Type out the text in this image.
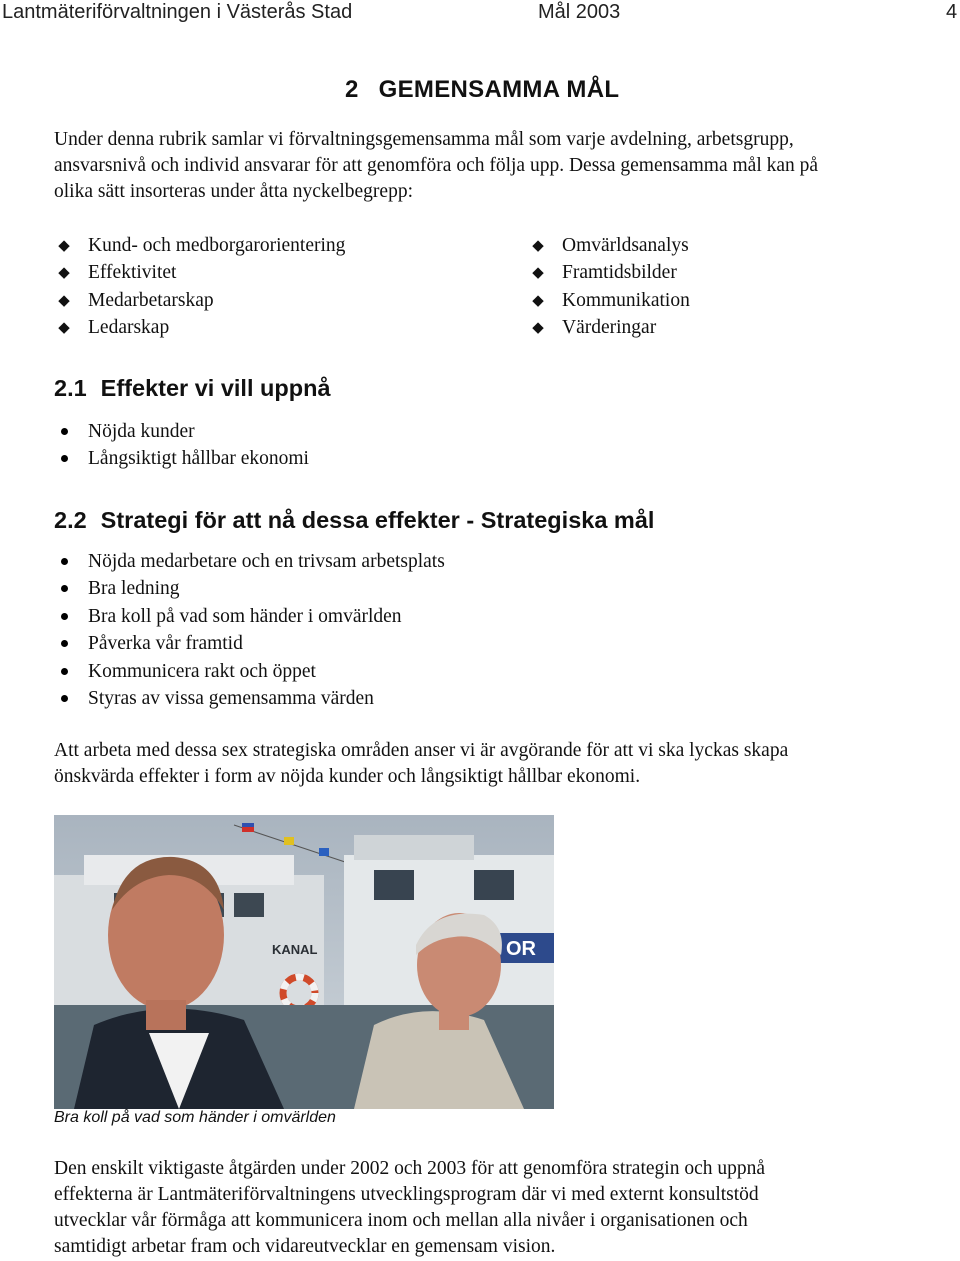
Lantmäteriförvaltningen i Västerås Stad	Mål 2003	4
2 GEMENSAMMA MÅL
Under denna rubrik samlar vi förvaltningsgemensamma mål som varje avdelning, arbetsgrupp,
ansvarsnivå och individ ansvarar för att genomföra och följa upp. Dessa gemensamma mål kan på
olika sätt insorteras under åtta nyckelbegrepp:
◆ Kund- och medborgarorientering
◆ Effektivitet
◆ Medarbetarskap
◆ Ledarskap
◆ Omvärldsanalys
◆ Framtidsbilder
◆ Kommunikation
◆ Värderingar
2.1 Effekter vi vill uppnå
Nöjda kunder
Långsiktigt hållbar ekonomi
2.2 Strategi för att nå dessa effekter - Strategiska mål
Nöjda medarbetare och en trivsam arbetsplats
Bra ledning
Bra koll på vad som händer i omvärlden
Påverka vår framtid
Kommunicera rakt och öppet
Styras av vissa gemensamma värden
Att arbeta med dessa sex strategiska områden anser vi är avgörande för att vi ska lyckas skapa
önskvärda effekter i form av nöjda kunder och långsiktigt hållbar ekonomi.
KANAL	OR
Bra koll på vad som händer i omvärlden
Den enskilt viktigaste åtgärden under 2002 och 2003 för att genomföra strategin och uppnå
effekterna är Lantmäteriförvaltningens utvecklingsprogram där vi med externt konsultstöd
utvecklar vår förmåga att kommunicera inom och mellan alla nivåer i organisationen och
samtidigt arbetar fram och vidareutvecklar en gemensam vision.
